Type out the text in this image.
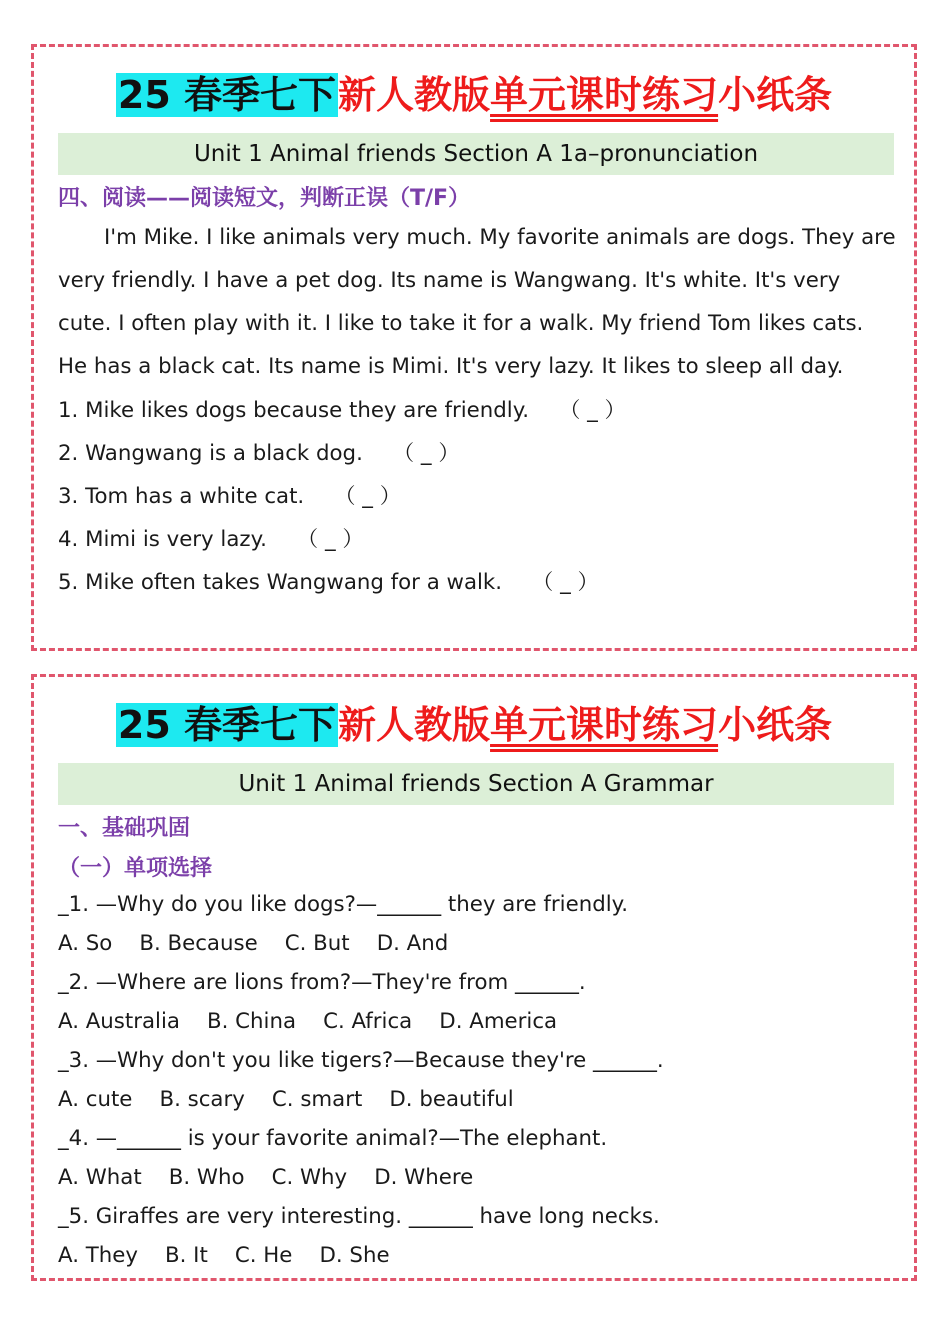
25 春季七下新人教版单元课时练习小纸条
Unit 1 Animal friends Section A 1a–pronunciation
四、阅读——阅读短文，判断正误（T/F）

I'm Mike. I like animals very much. My favorite animals are dogs. They are very friendly. I have a pet dog. Its name is Wangwang. It's white. It's very cute. I often play with it. I like to take it for a walk. My friend Tom likes cats. He has a black cat. Its name is Mimi. It's very lazy. It likes to sleep all day.

1. Mike likes dogs because they are friendly. （ _ ）
2. Wangwang is a black dog. （ _ ）
3. Tom has a white cat. （ _ ）
4. Mimi is very lazy. （ _ ）
5. Mike often takes Wangwang for a walk. （ _ ）
25 春季七下新人教版单元课时练习小纸条
Unit 1 Animal friends Section A Grammar
一、基础巩固
（一）单项选择
_1. —Why do you like dogs?—______ they are friendly.
A. So    B. Because    C. But    D. And
_2. —Where are lions from?—They're from ______.
A. Australia    B. China    C. Africa    D. America
_3. —Why don't you like tigers?—Because they're ______.
A. cute    B. scary    C. smart    D. beautiful
_4. —______ is your favorite animal?—The elephant.
A. What    B. Who    C. Why    D. Where
_5. Giraffes are very interesting. ______ have long necks.
A. They    B. It    C. He    D. She
